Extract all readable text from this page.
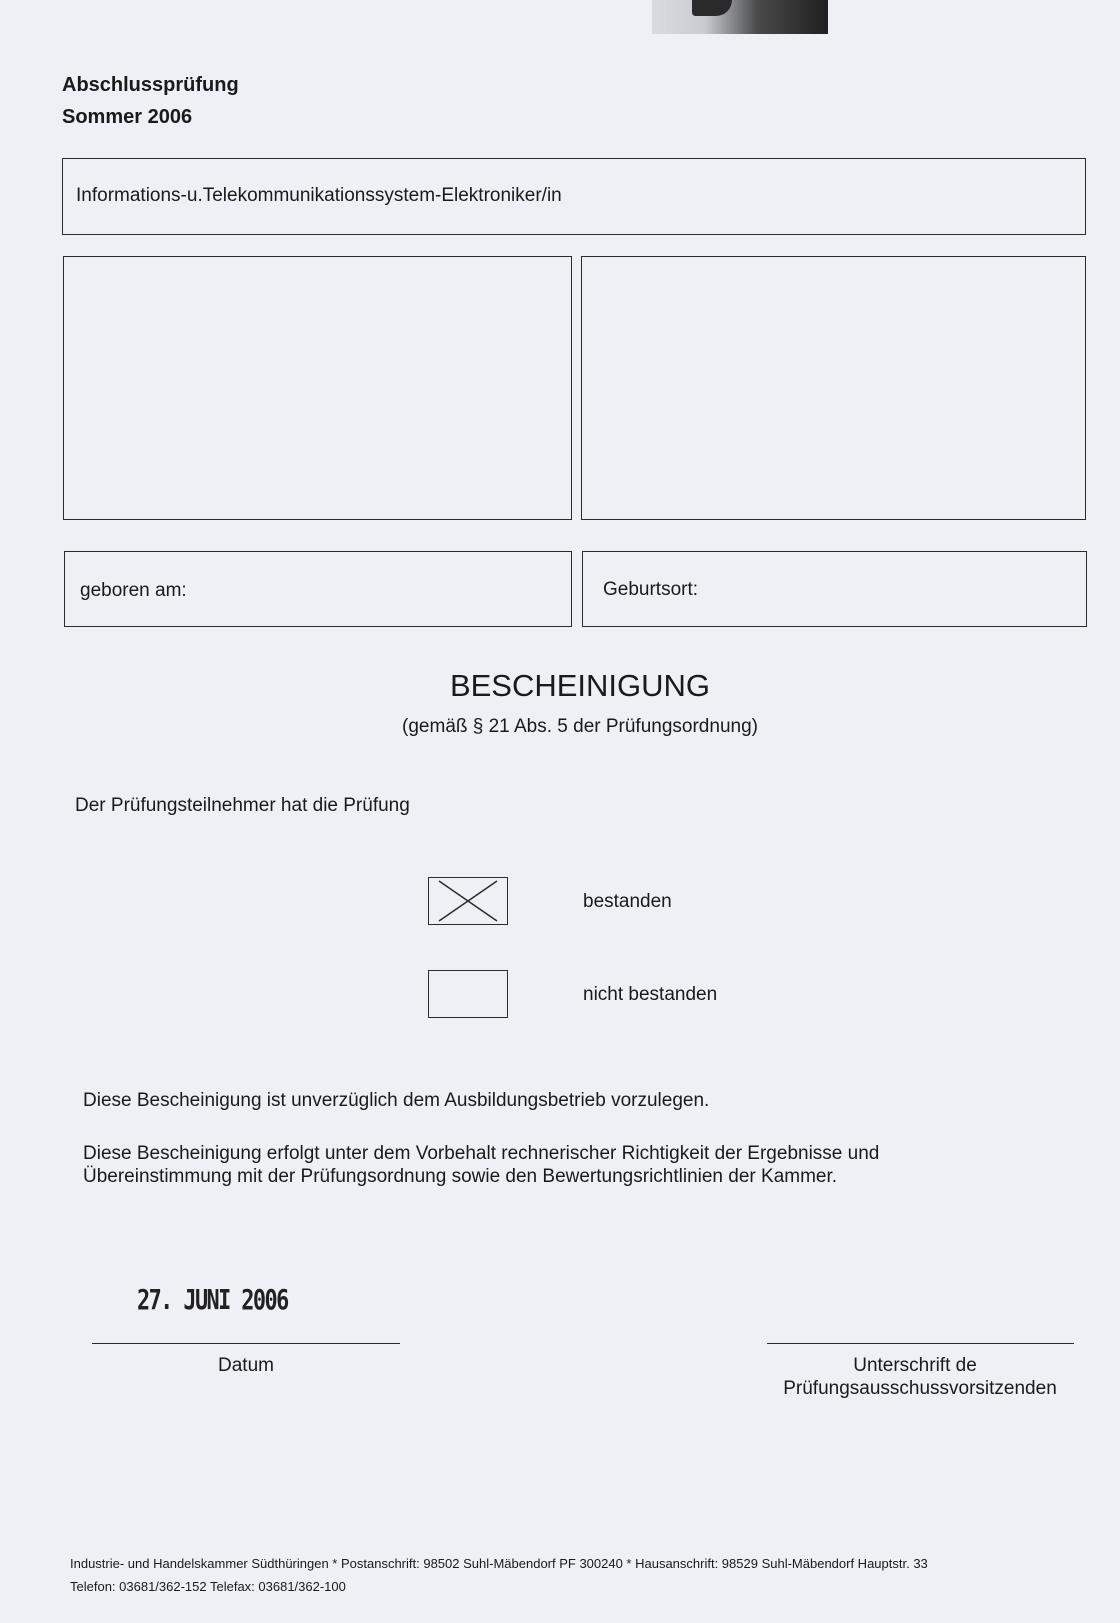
Abschlussprüfung
Sommer 2006
Informations-u.Telekommunikationssystem-Elektroniker/in
geboren am:	Geburtsort:
BESCHEINIGUNG
(gemäß § 21 Abs. 5 der Prüfungsordnung)
Der Prüfungsteilnehmer hat die Prüfung
bestanden
nicht bestanden
Diese Bescheinigung ist unverzüglich dem Ausbildungsbetrieb vorzulegen.
Diese Bescheinigung erfolgt unter dem Vorbehalt rechnerischer Richtigkeit der Ergebnisse und
Übereinstimmung mit der Prüfungsordnung sowie den Bewertungsrichtlinien der Kammer.
27. JUNI 2006
Datum	Unterschrift de
Prüfungsausschussvorsitzenden
Industrie- und Handelskammer Südthüringen * Postanschrift: 98502 Suhl-Mäbendorf PF 300240 * Hausanschrift: 98529 Suhl-Mäbendorf Hauptstr. 33
Telefon: 03681/362-152 Telefax: 03681/362-100
